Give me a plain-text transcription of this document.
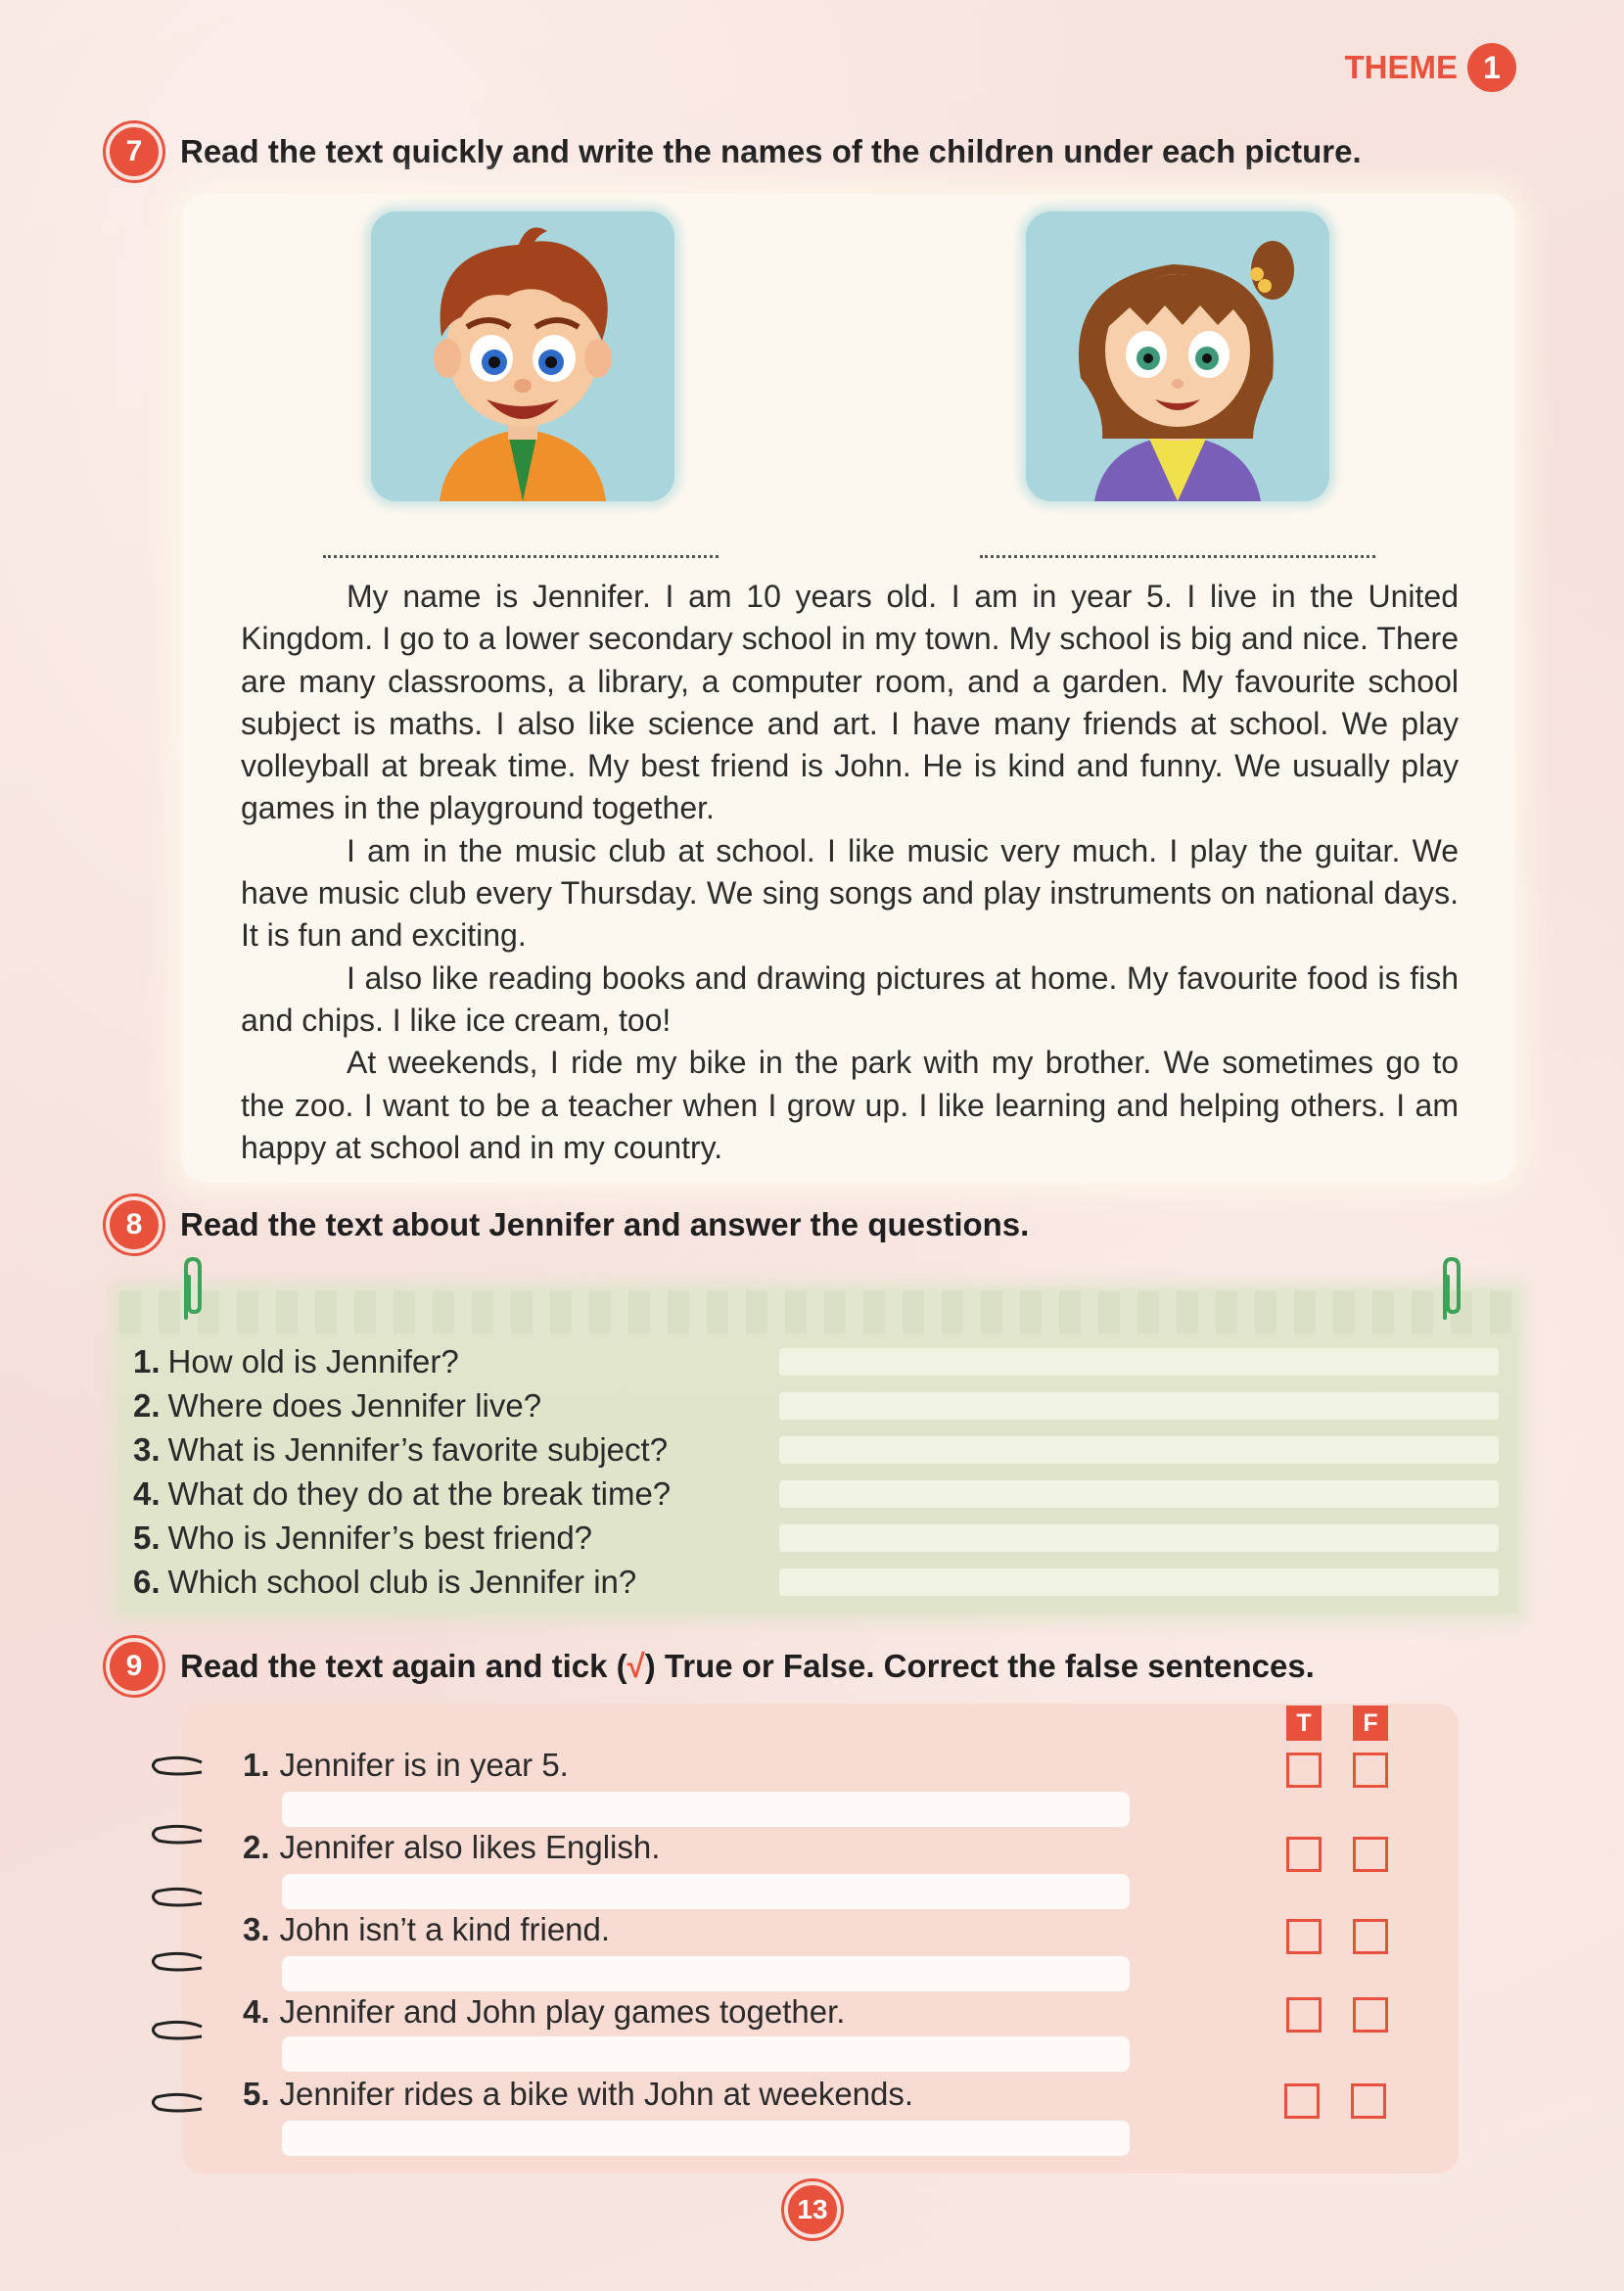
THEME 1
7	Read the text quickly and write the names of the children under each picture.

My name is Jennifer. I am 10 years old. I am in year 5. I live in the United Kingdom. I go to a lower secondary school in my town. My school is big and nice. There are many classrooms, a library, a computer room, and a garden. My favourite school subject is maths. I also like science and art. I have many friends at school. We play volleyball at break time. My best friend is John. He is kind and funny. We usually play games in the playground together.

I am in the music club at school. I like music very much. I play the guitar. We have music club every Thursday. We sing songs and play instruments on national days. It is fun and exciting.

I also like reading books and drawing pictures at home. My favourite food is fish and chips. I like ice cream, too!

At weekends, I ride my bike in the park with my brother. We sometimes go to the zoo. I want to be a teacher when I grow up. I like learning and helping others. I am happy at school and in my country.

8	Read the text about Jennifer and answer the questions.
1. How old is Jennifer?
2. Where does Jennifer live?
3. What is Jennifer’s favorite subject?
4. What do they do at the break time?
5. Who is Jennifer’s best friend?
6. Which school club is Jennifer in?
9	Read the text again and tick (√) True or False. Correct the false sentences.
T	F
1. Jennifer is in year 5.
2. Jennifer also likes English.
3. John isn’t a kind friend.
4. Jennifer and John play games together.
5. Jennifer rides a bike with John at weekends.
13
